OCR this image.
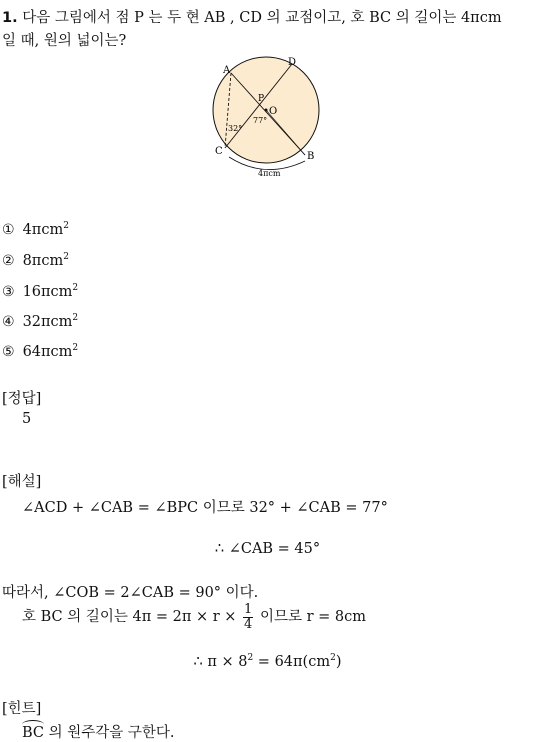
1. 다음 그림에서 점 P 는 두 현 AB , CD 의 교점이고, 호 BC 의 길이는 4πcm
일 때, 원의 넓이는?
A
D
P
O
C	B
32°
77°
4πcm
① 4πcm$^2$
② 8πcm$^2$
③ 16πcm$^2$
④ 32πcm$^2$
⑤ 64πcm$^2$
[정답]
5
[해설]
∠ACD + ∠CAB = ∠BPC 이므로 32° + ∠CAB = 77°
∴ ∠CAB = 45°
따라서, ∠COB = 2∠CAB = 90° 이다.
호 BC 의 길이는 $4\pi = 2\pi \times r \times \frac{1}{4}$ 이므로 r = 8cm
∴ $\pi \times 8^2 = 64\pi(cm^2)$
[힌트]
BC 의 원주각을 구한다.
